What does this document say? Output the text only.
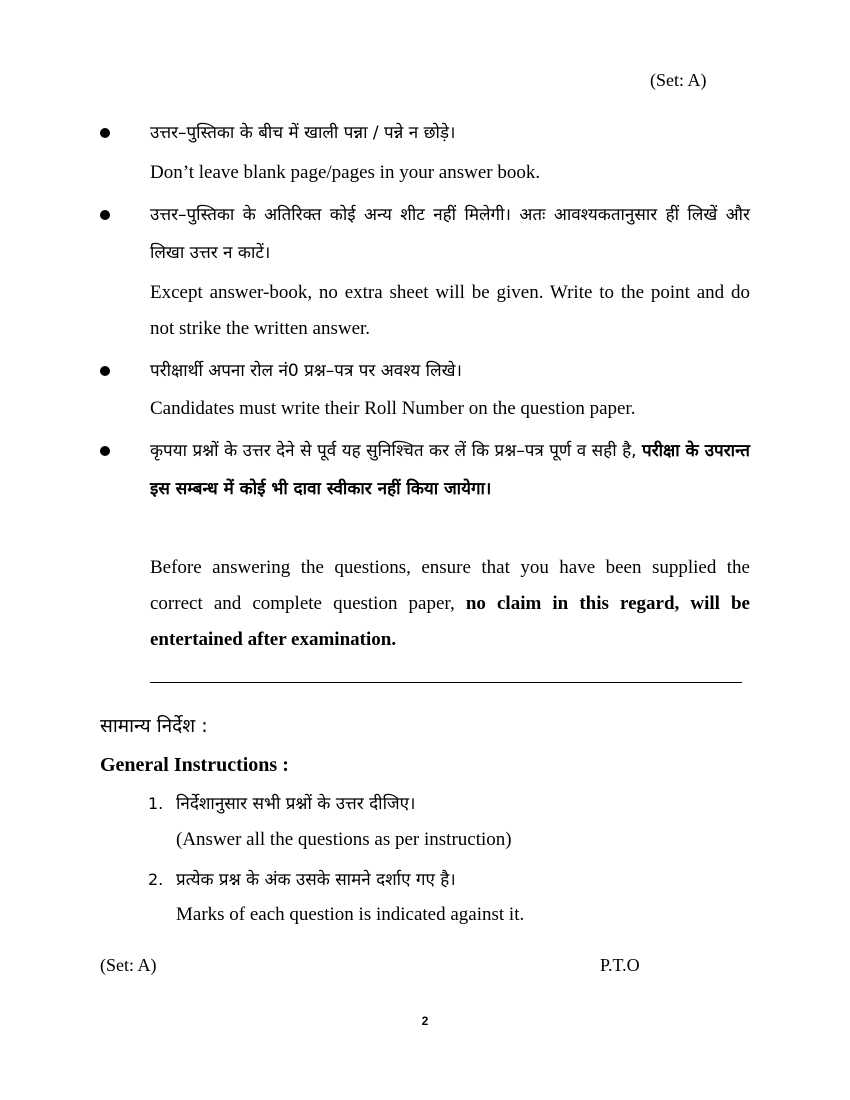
(Set: A)

उत्तर–पुस्तिका के बीच में खाली पन्ना / पन्ने न छोड़े।

Don’t leave blank page/pages in your answer book.

उत्तर–पुस्तिका के अतिरिक्त कोई अन्य शीट नहीं मिलेगी। अतः आवश्यकतानुसार हीं लिखें और लिखा उत्तर न काटें।

Except answer-book, no extra sheet will be given. Write to the point and do not strike the written answer.

परीक्षार्थी अपना रोल नं0 प्रश्न–पत्र पर अवश्य लिखे।

Candidates must write their Roll Number on the question paper.

कृपया प्रश्नों के उत्तर देने से पूर्व यह सुनिश्चित कर लें कि प्रश्न–पत्र पूर्ण व सही है, परीक्षा के उपरान्त इस सम्बन्ध में कोई भी दावा स्वीकार नहीं किया जायेगा।

Before answering the questions, ensure that you have been supplied the correct and complete question paper, no claim in this regard, will be entertained after examination.

सामान्य निर्देश :
General Instructions :
1. निर्देशानुसार सभी प्रश्नों के उत्तर दीजिए।
(Answer all the questions as per instruction)
2. प्रत्येक प्रश्न के अंक उसके सामने दर्शाए गए है।
Marks of each question is indicated against it.
(Set: A)	P.T.O
2
